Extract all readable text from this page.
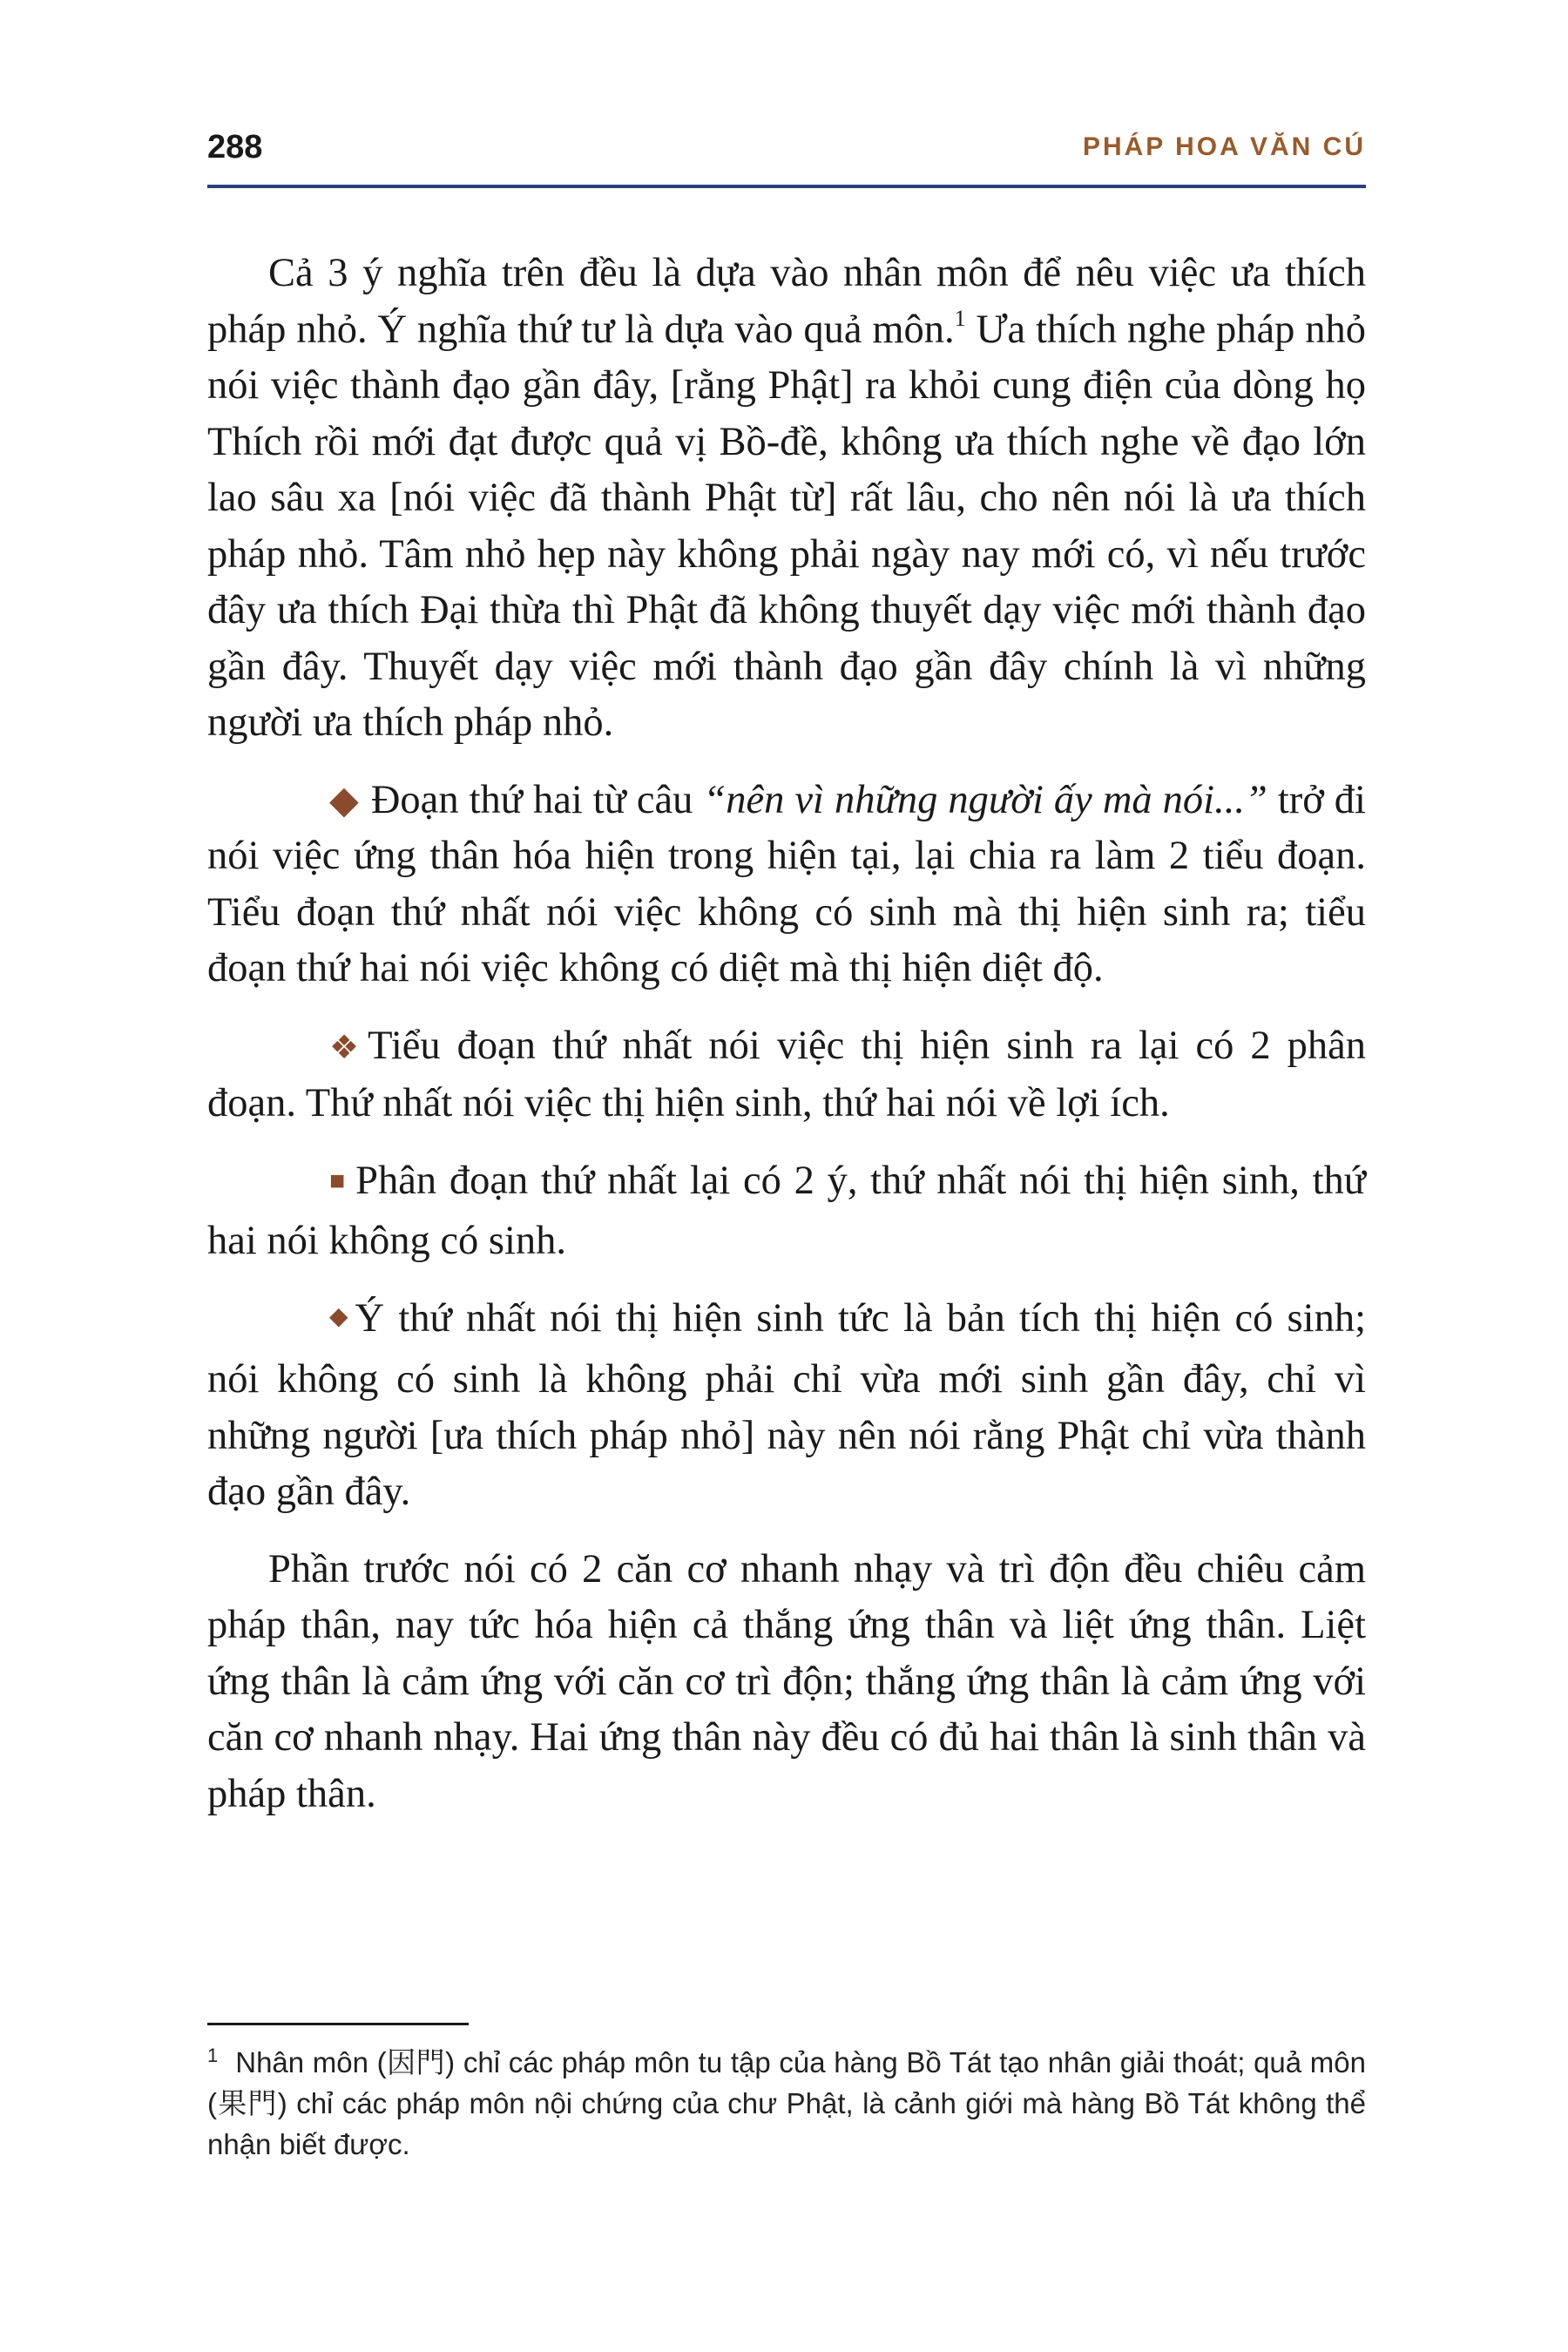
288	PHÁP HOA VĂN CÚ

Cả 3 ý nghĩa trên đều là dựa vào nhân môn để nêu việc ưa thích pháp nhỏ. Ý nghĩa thứ tư là dựa vào quả môn.$^1$ Ưa thích nghe pháp nhỏ nói việc thành đạo gần đây, [rằng Phật] ra khỏi cung điện của dòng họ Thích rồi mới đạt được quả vị Bồ-đề, không ưa thích nghe về đạo lớn lao sâu xa [nói việc đã thành Phật từ] rất lâu, cho nên nói là ưa thích pháp nhỏ. Tâm nhỏ hẹp này không phải ngày nay mới có, vì nếu trước đây ưa thích Đại thừa thì Phật đã không thuyết dạy việc mới thành đạo gần đây. Thuyết dạy việc mới thành đạo gần đây chính là vì những người ưa thích pháp nhỏ.

◆ Đoạn thứ hai từ câu “nên vì những người ấy mà nói...” trở đi nói việc ứng thân hóa hiện trong hiện tại, lại chia ra làm 2 tiểu đoạn. Tiểu đoạn thứ nhất nói việc không có sinh mà thị hiện sinh ra; tiểu đoạn thứ hai nói việc không có diệt mà thị hiện diệt độ.

❖ Tiểu đoạn thứ nhất nói việc thị hiện sinh ra lại có 2 phân đoạn. Thứ nhất nói việc thị hiện sinh, thứ hai nói về lợi ích.

■ Phân đoạn thứ nhất lại có 2 ý, thứ nhất nói thị hiện sinh, thứ hai nói không có sinh.

◆ Ý thứ nhất nói thị hiện sinh tức là bản tích thị hiện có sinh; nói không có sinh là không phải chỉ vừa mới sinh gần đây, chỉ vì những người [ưa thích pháp nhỏ] này nên nói rằng Phật chỉ vừa thành đạo gần đây.

Phần trước nói có 2 căn cơ nhanh nhạy và trì độn đều chiêu cảm pháp thân, nay tức hóa hiện cả thắng ứng thân và liệt ứng thân. Liệt ứng thân là cảm ứng với căn cơ trì độn; thắng ứng thân là cảm ứng với căn cơ nhanh nhạy. Hai ứng thân này đều có đủ hai thân là sinh thân và pháp thân.

$^1$ Nhân môn (因門) chỉ các pháp môn tu tập của hàng Bồ Tát tạo nhân giải thoát; quả môn (果門) chỉ các pháp môn nội chứng của chư Phật, là cảnh giới mà hàng Bồ Tát không thể nhận biết được.
